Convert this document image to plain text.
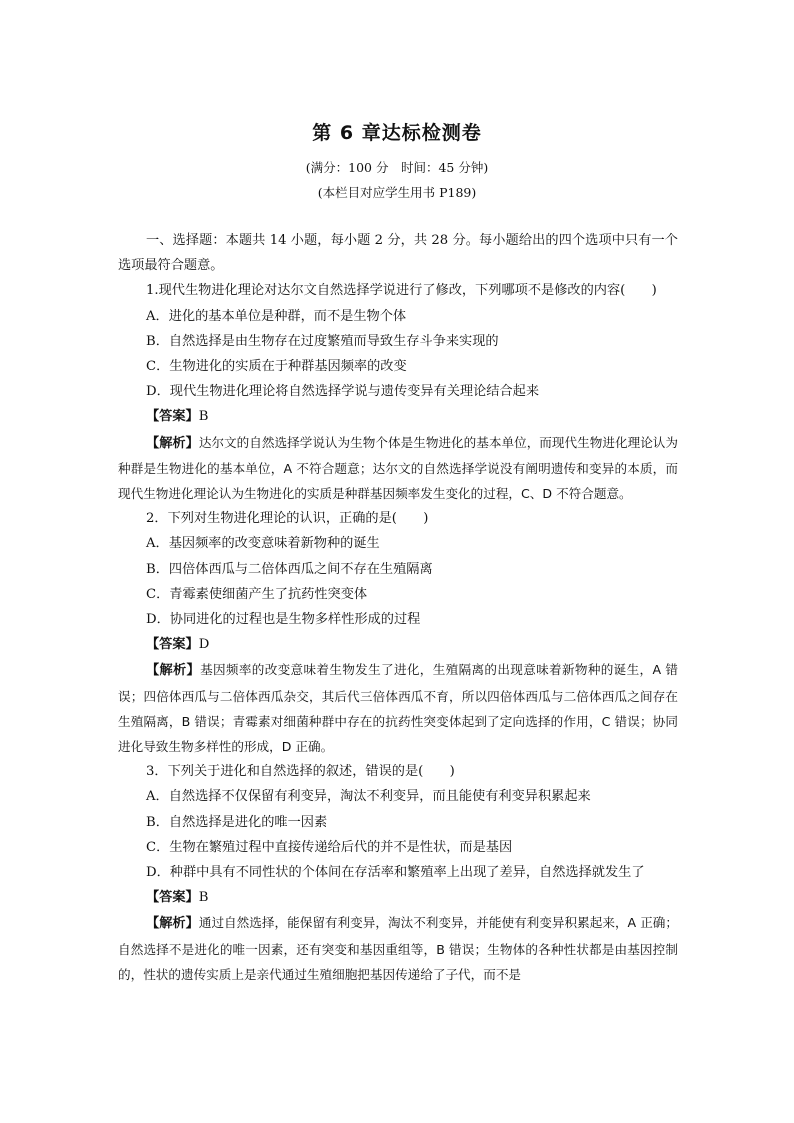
第 6 章达标检测卷
(满分：100 分　时间：45 分钟)
(本栏目对应学生用书 P189)

一、选择题：本题共 14 小题，每小题 2 分，共 28 分。每小题给出的四个选项中只有一个选项最符合题意。

1.现代生物进化理论对达尔文自然选择学说进行了修改，下列哪项不是修改的内容(　　)

A．进化的基本单位是种群，而不是生物个体

B．自然选择是由生物存在过度繁殖而导致生存斗争来实现的

C．生物进化的实质在于种群基因频率的改变

D．现代生物进化理论将自然选择学说与遗传变异有关理论结合起来

【答案】B

【解析】达尔文的自然选择学说认为生物个体是生物进化的基本单位，而现代生物进化理论认为种群是生物进化的基本单位，A 不符合题意；达尔文的自然选择学说没有阐明遗传和变异的本质，而现代生物进化理论认为生物进化的实质是种群基因频率发生变化的过程，C、D 不符合题意。

2．下列对生物进化理论的认识，正确的是(　　)

A．基因频率的改变意味着新物种的诞生

B．四倍体西瓜与二倍体西瓜之间不存在生殖隔离

C．青霉素使细菌产生了抗药性突变体

D．协同进化的过程也是生物多样性形成的过程

【答案】D

【解析】基因频率的改变意味着生物发生了进化，生殖隔离的出现意味着新物种的诞生，A 错误；四倍体西瓜与二倍体西瓜杂交，其后代三倍体西瓜不育，所以四倍体西瓜与二倍体西瓜之间存在生殖隔离，B 错误；青霉素对细菌种群中存在的抗药性突变体起到了定向选择的作用，C 错误；协同进化导致生物多样性的形成，D 正确。

3．下列关于进化和自然选择的叙述，错误的是(　　)

A．自然选择不仅保留有利变异，淘汰不利变异，而且能使有利变异积累起来

B．自然选择是进化的唯一因素

C．生物在繁殖过程中直接传递给后代的并不是性状，而是基因

D．种群中具有不同性状的个体间在存活率和繁殖率上出现了差异，自然选择就发生了

【答案】B

【解析】通过自然选择，能保留有利变异，淘汰不利变异，并能使有利变异积累起来，A 正确；自然选择不是进化的唯一因素，还有突变和基因重组等，B 错误；生物体的各种性状都是由基因控制的，性状的遗传实质上是亲代通过生殖细胞把基因传递给了子代，而不是
